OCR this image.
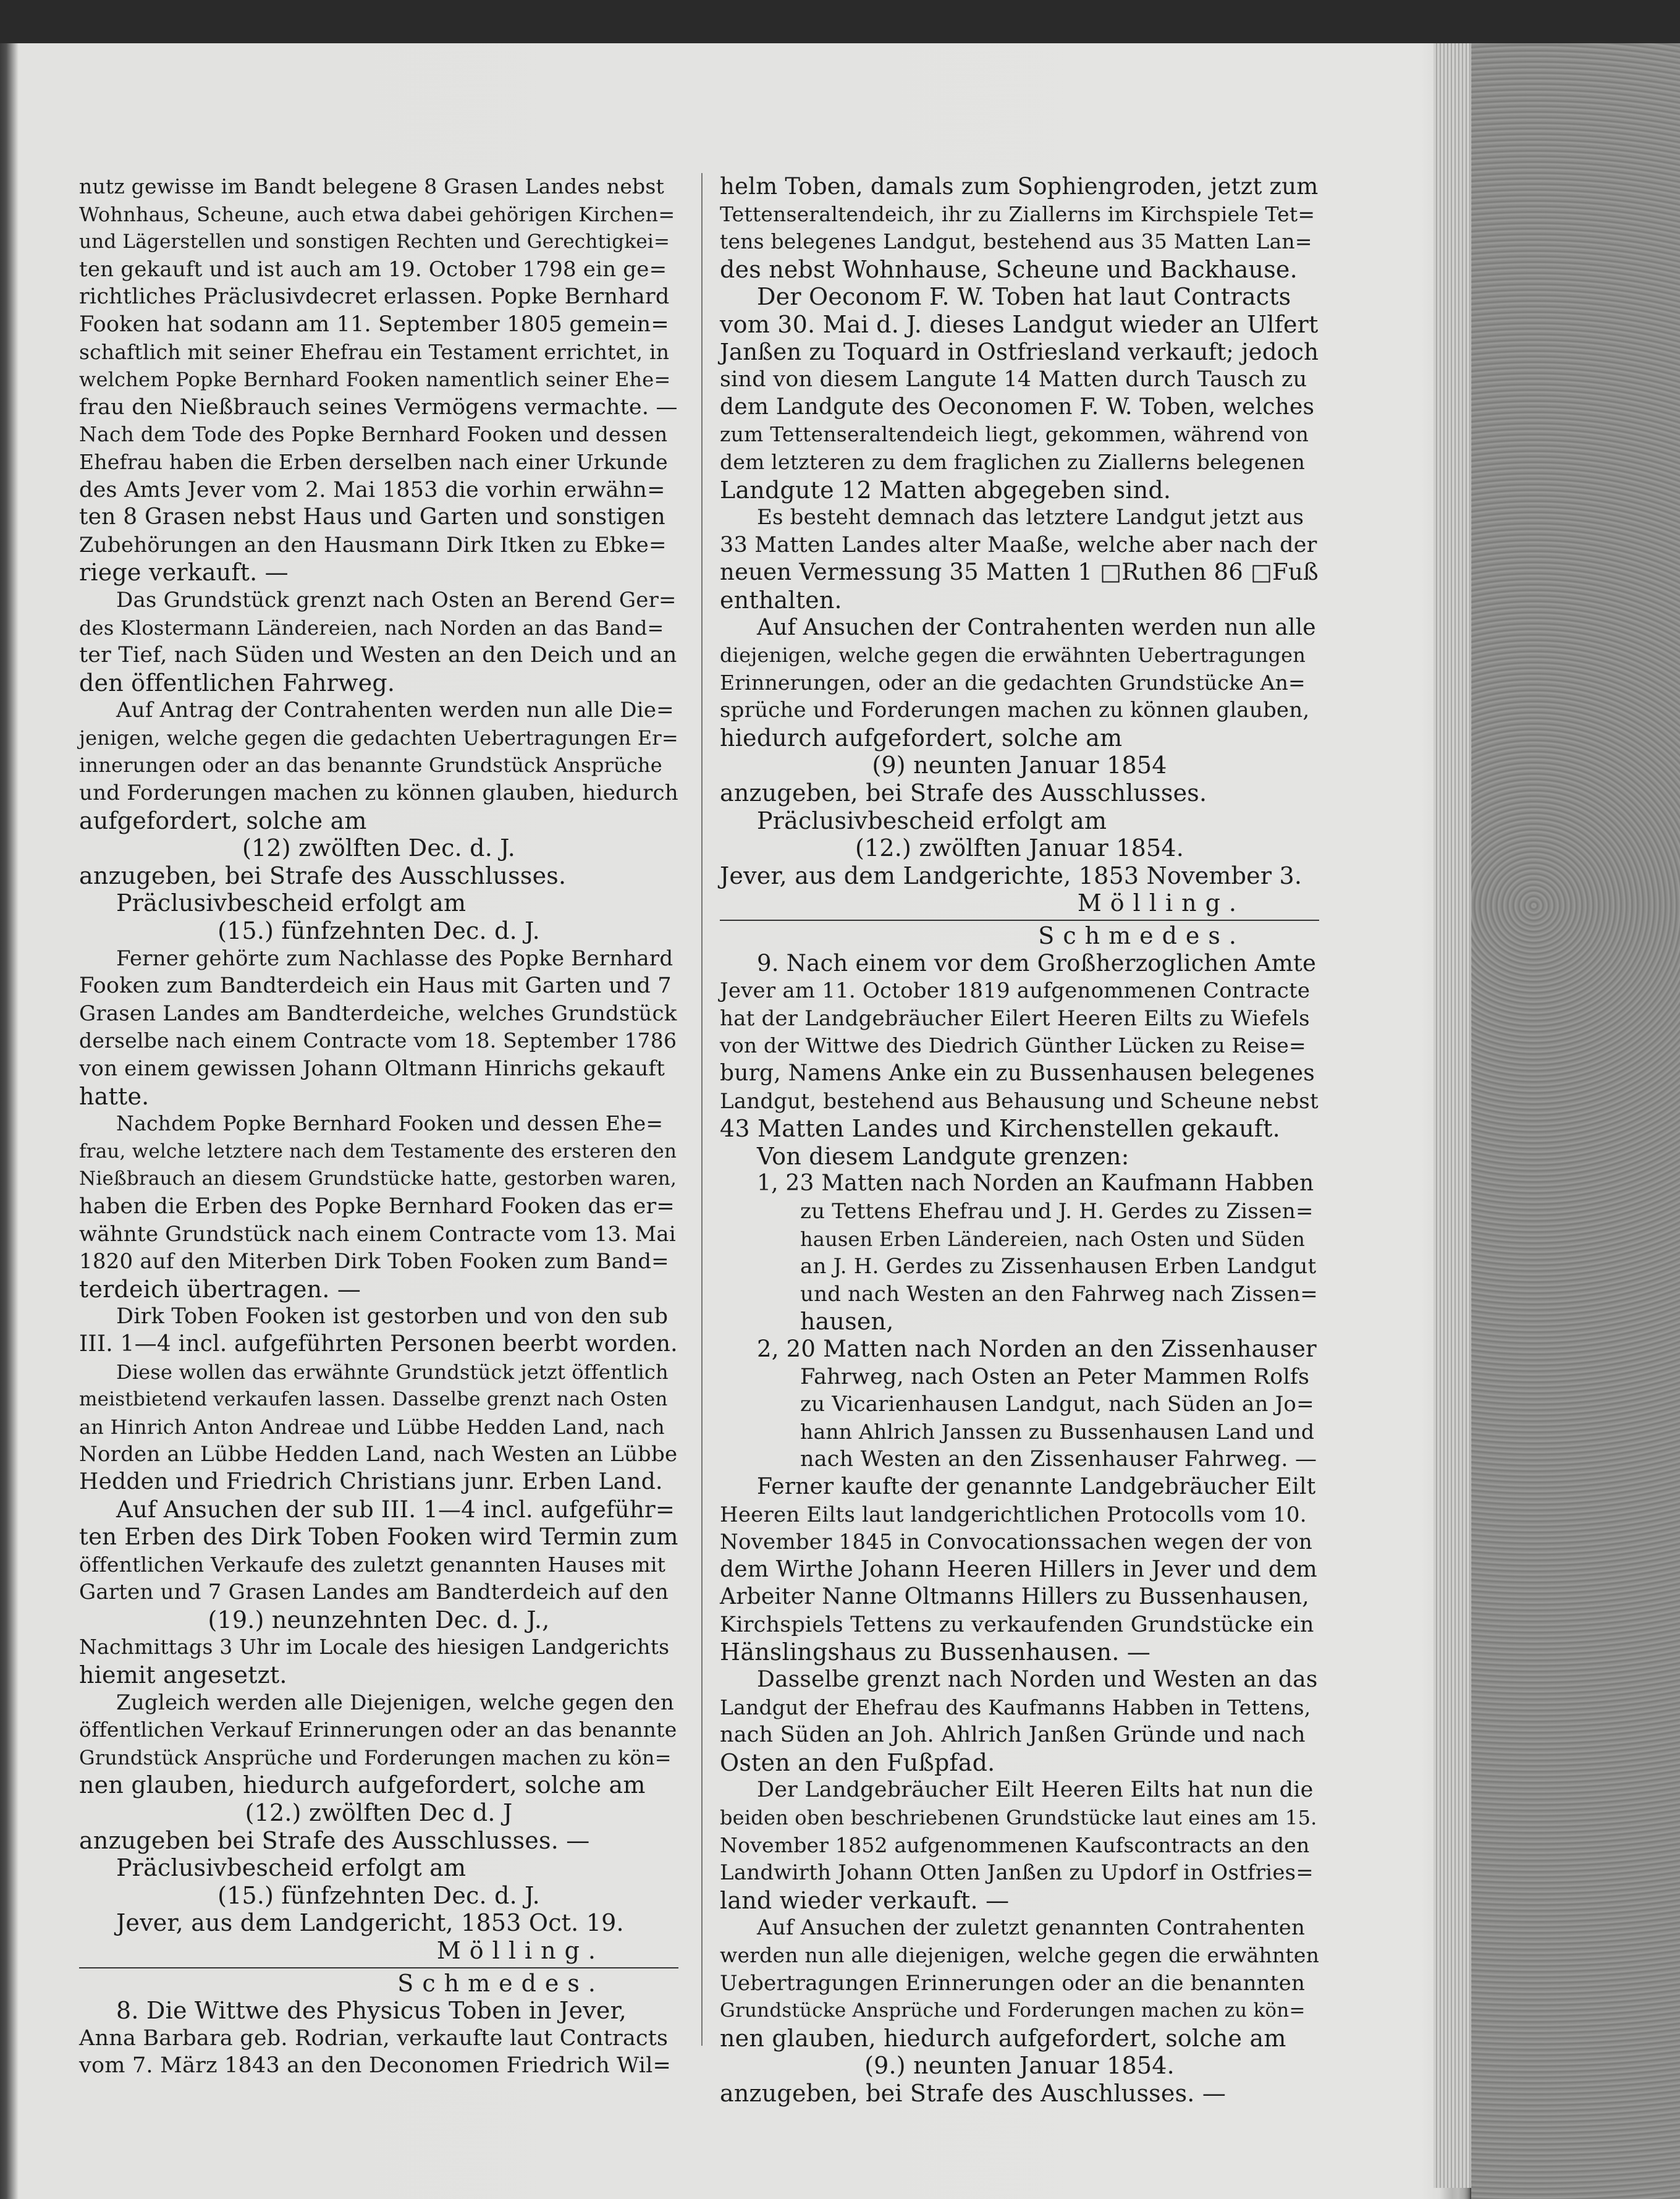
nutz gewisse im Bandt belegene 8 Grasen Landes nebst

Wohnhaus, Scheune, auch etwa dabei gehörigen Kirchen=

und Lägerstellen und sonstigen Rechten und Gerechtigkei=

ten gekauft und ist auch am 19. October 1798 ein ge=

richtliches Präclusivdecret erlassen. Popke Bernhard

Fooken hat sodann am 11. September 1805 gemein=

schaftlich mit seiner Ehefrau ein Testament errichtet, in

welchem Popke Bernhard Fooken namentlich seiner Ehe=

frau den Nießbrauch seines Vermögens vermachte. —

Nach dem Tode des Popke Bernhard Fooken und dessen

Ehefrau haben die Erben derselben nach einer Urkunde

des Amts Jever vom 2. Mai 1853 die vorhin erwähn=

ten 8 Grasen nebst Haus und Garten und sonstigen

Zubehörungen an den Hausmann Dirk Itken zu Ebke=

riege verkauft. —

Das Grundstück grenzt nach Osten an Berend Ger=

des Klostermann Ländereien, nach Norden an das Band=

ter Tief, nach Süden und Westen an den Deich und an

den öffentlichen Fahrweg.

Auf Antrag der Contrahenten werden nun alle Die=

jenigen, welche gegen die gedachten Uebertragungen Er=

innerungen oder an das benannte Grundstück Ansprüche

und Forderungen machen zu können glauben, hiedurch

aufgefordert, solche am

(12) zwölften Dec. d. J.

anzugeben, bei Strafe des Ausschlusses.

Präclusivbescheid erfolgt am

(15.) fünfzehnten Dec. d. J.

Ferner gehörte zum Nachlasse des Popke Bernhard

Fooken zum Bandterdeich ein Haus mit Garten und 7

Grasen Landes am Bandterdeiche, welches Grundstück

derselbe nach einem Contracte vom 18. September 1786

von einem gewissen Johann Oltmann Hinrichs gekauft

hatte.

Nachdem Popke Bernhard Fooken und dessen Ehe=

frau, welche letztere nach dem Testamente des ersteren den

Nießbrauch an diesem Grundstücke hatte, gestorben waren,

haben die Erben des Popke Bernhard Fooken das er=

wähnte Grundstück nach einem Contracte vom 13. Mai

1820 auf den Miterben Dirk Toben Fooken zum Band=

terdeich übertragen. —

Dirk Toben Fooken ist gestorben und von den sub

III. 1—4 incl. aufgeführten Personen beerbt worden.

Diese wollen das erwähnte Grundstück jetzt öffentlich

meistbietend verkaufen lassen. Dasselbe grenzt nach Osten

an Hinrich Anton Andreae und Lübbe Hedden Land, nach

Norden an Lübbe Hedden Land, nach Westen an Lübbe

Hedden und Friedrich Christians junr. Erben Land.

Auf Ansuchen der sub III. 1—4 incl. aufgeführ=

ten Erben des Dirk Toben Fooken wird Termin zum

öffentlichen Verkaufe des zuletzt genannten Hauses mit

Garten und 7 Grasen Landes am Bandterdeich auf den

(19.) neunzehnten Dec. d. J.,

Nachmittags 3 Uhr im Locale des hiesigen Landgerichts

hiemit angesetzt.

Zugleich werden alle Diejenigen, welche gegen den

öffentlichen Verkauf Erinnerungen oder an das benannte

Grundstück Ansprüche und Forderungen machen zu kön=

nen glauben, hiedurch aufgefordert, solche am

(12.) zwölften Dec d. J

anzugeben bei Strafe des Ausschlusses. —

Präclusivbescheid erfolgt am

(15.) fünfzehnten Dec. d. J.

Jever, aus dem Landgericht, 1853 Oct. 19.

Mölling.

Schmedes.

8. Die Wittwe des Physicus Toben in Jever,

Anna Barbara geb. Rodrian, verkaufte laut Contracts

vom 7. März 1843 an den Deconomen Friedrich Wil=

helm Toben, damals zum Sophiengroden, jetzt zum

Tettenseraltendeich, ihr zu Ziallerns im Kirchspiele Tet=

tens belegenes Landgut, bestehend aus 35 Matten Lan=

des nebst Wohnhause, Scheune und Backhause.

Der Oeconom F. W. Toben hat laut Contracts

vom 30. Mai d. J. dieses Landgut wieder an Ulfert

Janßen zu Toquard in Ostfriesland verkauft; jedoch

sind von diesem Langute 14 Matten durch Tausch zu

dem Landgute des Oeconomen F. W. Toben, welches

zum Tettenseraltendeich liegt, gekommen, während von

dem letzteren zu dem fraglichen zu Ziallerns belegenen

Landgute 12 Matten abgegeben sind.

Es besteht demnach das letztere Landgut jetzt aus

33 Matten Landes alter Maaße, welche aber nach der

neuen Vermessung 35 Matten 1 □Ruthen 86 □Fuß

enthalten.

Auf Ansuchen der Contrahenten werden nun alle

diejenigen, welche gegen die erwähnten Uebertragungen

Erinnerungen, oder an die gedachten Grundstücke An=

sprüche und Forderungen machen zu können glauben,

hiedurch aufgefordert, solche am

(9) neunten Januar 1854

anzugeben, bei Strafe des Ausschlusses.

Präclusivbescheid erfolgt am

(12.) zwölften Januar 1854.

Jever, aus dem Landgerichte, 1853 November 3.

Mölling.

Schmedes.

9. Nach einem vor dem Großherzoglichen Amte

Jever am 11. October 1819 aufgenommenen Contracte

hat der Landgebräucher Eilert Heeren Eilts zu Wiefels

von der Wittwe des Diedrich Günther Lücken zu Reise=

burg, Namens Anke ein zu Bussenhausen belegenes

Landgut, bestehend aus Behausung und Scheune nebst

43 Matten Landes und Kirchenstellen gekauft.

Von diesem Landgute grenzen:

1, 23 Matten nach Norden an Kaufmann Habben

zu Tettens Ehefrau und J. H. Gerdes zu Zissen=

hausen Erben Ländereien, nach Osten und Süden

an J. H. Gerdes zu Zissenhausen Erben Landgut

und nach Westen an den Fahrweg nach Zissen=

hausen,

2, 20 Matten nach Norden an den Zissenhauser

Fahrweg, nach Osten an Peter Mammen Rolfs

zu Vicarienhausen Landgut, nach Süden an Jo=

hann Ahlrich Janssen zu Bussenhausen Land und

nach Westen an den Zissenhauser Fahrweg. —

Ferner kaufte der genannte Landgebräucher Eilt

Heeren Eilts laut landgerichtlichen Protocolls vom 10.

November 1845 in Convocationssachen wegen der von

dem Wirthe Johann Heeren Hillers in Jever und dem

Arbeiter Nanne Oltmanns Hillers zu Bussenhausen,

Kirchspiels Tettens zu verkaufenden Grundstücke ein

Hänslingshaus zu Bussenhausen. —

Dasselbe grenzt nach Norden und Westen an das

Landgut der Ehefrau des Kaufmanns Habben in Tettens,

nach Süden an Joh. Ahlrich Janßen Gründe und nach

Osten an den Fußpfad.

Der Landgebräucher Eilt Heeren Eilts hat nun die

beiden oben beschriebenen Grundstücke laut eines am 15.

November 1852 aufgenommenen Kaufscontracts an den

Landwirth Johann Otten Janßen zu Updorf in Ostfries=

land wieder verkauft. —

Auf Ansuchen der zuletzt genannten Contrahenten

werden nun alle diejenigen, welche gegen die erwähnten

Uebertragungen Erinnerungen oder an die benannten

Grundstücke Ansprüche und Forderungen machen zu kön=

nen glauben, hiedurch aufgefordert, solche am

(9.) neunten Januar 1854.

anzugeben, bei Strafe des Auschlusses. —
